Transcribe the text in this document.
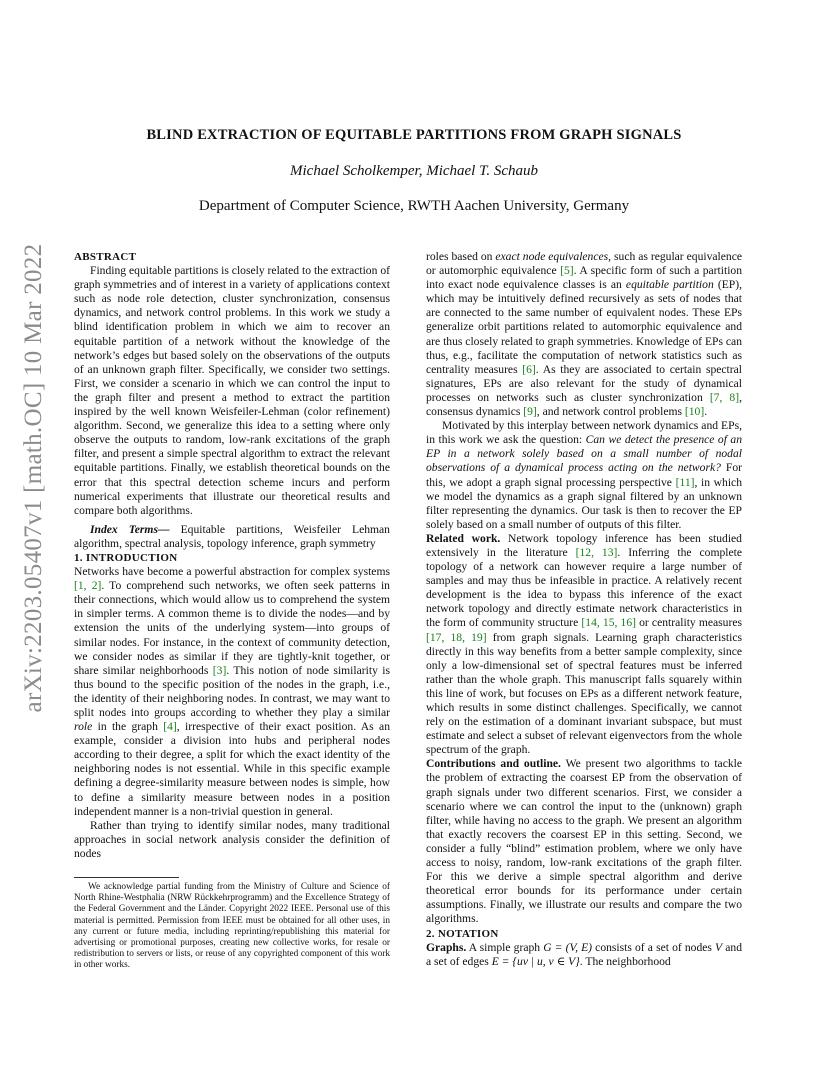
arXiv:2203.05407v1 [math.OC] 10 Mar 2022
BLIND EXTRACTION OF EQUITABLE PARTITIONS FROM GRAPH SIGNALS
Michael Scholkemper, Michael T. Schaub
Department of Computer Science, RWTH Aachen University, Germany

ABSTRACT

Finding equitable partitions is closely related to the extraction of graph symmetries and of interest in a variety of applications context such as node role detection, cluster synchronization, consensus dynamics, and network control problems. In this work we study a blind identification problem in which we aim to recover an equitable partition of a network without the knowledge of the network’s edges but based solely on the observations of the outputs of an unknown graph filter. Specifically, we consider two settings. First, we consider a scenario in which we can control the input to the graph filter and present a method to extract the partition inspired by the well known Weisfeiler-Lehman (color refinement) algorithm. Second, we generalize this idea to a setting where only observe the outputs to random, low-rank excitations of the graph filter, and present a simple spectral algorithm to extract the relevant equitable partitions. Finally, we establish theoretical bounds on the error that this spectral detection scheme incurs and perform numerical experiments that illustrate our theoretical results and compare both algorithms.

Index Terms— Equitable partitions, Weisfeiler Lehman algorithm, spectral analysis, topology inference, graph symmetry

1. INTRODUCTION

Networks have become a powerful abstraction for complex systems [1, 2]. To comprehend such networks, we often seek patterns in their connections, which would allow us to comprehend the system in simpler terms. A common theme is to divide the nodes—and by extension the units of the underlying system—into groups of similar nodes. For instance, in the context of community detection, we consider nodes as similar if they are tightly-knit together, or share similar neighborhoods [3]. This notion of node similarity is thus bound to the specific position of the nodes in the graph, i.e., the identity of their neighboring nodes. In contrast, we may want to split nodes into groups according to whether they play a similar role in the graph [4], irrespective of their exact position. As an example, consider a division into hubs and peripheral nodes according to their degree, a split for which the exact identity of the neighboring nodes is not essential. While in this specific example defining a degree-similarity measure between nodes is simple, how to define a similarity measure between nodes in a position independent manner is a non-trivial question in general.

Rather than trying to identify similar nodes, many traditional approaches in social network analysis consider the definition of nodes

We acknowledge partial funding from the Ministry of Culture and Science of North Rhine-Westphalia (NRW Rückkehrprogramm) and the Excellence Strategy of the Federal Government and the Länder. Copyright 2022 IEEE. Personal use of this material is permitted. Permission from IEEE must be obtained for all other uses, in any current or future media, including reprinting/republishing this material for advertising or promotional purposes, creating new collective works, for resale or redistribution to servers or lists, or reuse of any copyrighted component of this work in other works.

roles based on exact node equivalences, such as regular equivalence or automorphic equivalence [5]. A specific form of such a partition into exact node equivalence classes is an equitable partition (EP), which may be intuitively defined recursively as sets of nodes that are connected to the same number of equivalent nodes. These EPs generalize orbit partitions related to automorphic equivalence and are thus closely related to graph symmetries. Knowledge of EPs can thus, e.g., facilitate the computation of network statistics such as centrality measures [6]. As they are associated to certain spectral signatures, EPs are also relevant for the study of dynamical processes on networks such as cluster synchronization [7, 8], consensus dynamics [9], and network control problems [10].

Motivated by this interplay between network dynamics and EPs, in this work we ask the question: Can we detect the presence of an EP in a network solely based on a small number of nodal observations of a dynamical process acting on the network? For this, we adopt a graph signal processing perspective [11], in which we model the dynamics as a graph signal filtered by an unknown filter representing the dynamics. Our task is then to recover the EP solely based on a small number of outputs of this filter.

Related work. Network topology inference has been studied extensively in the literature [12, 13]. Inferring the complete topology of a network can however require a large number of samples and may thus be infeasible in practice. A relatively recent development is the idea to bypass this inference of the exact network topology and directly estimate network characteristics in the form of community structure [14, 15, 16] or centrality measures [17, 18, 19] from graph signals. Learning graph characteristics directly in this way benefits from a better sample complexity, since only a low-dimensional set of spectral features must be inferred rather than the whole graph. This manuscript falls squarely within this line of work, but focuses on EPs as a different network feature, which results in some distinct challenges. Specifically, we cannot rely on the estimation of a dominant invariant subspace, but must estimate and select a subset of relevant eigenvectors from the whole spectrum of the graph.

Contributions and outline. We present two algorithms to tackle the problem of extracting the coarsest EP from the observation of graph signals under two different scenarios. First, we consider a scenario where we can control the input to the (unknown) graph filter, while having no access to the graph. We present an algorithm that exactly recovers the coarsest EP in this setting. Second, we consider a fully “blind” estimation problem, where we only have access to noisy, random, low-rank excitations of the graph filter. For this we derive a simple spectral algorithm and derive theoretical error bounds for its performance under certain assumptions. Finally, we illustrate our results and compare the two algorithms.

2. NOTATION

Graphs. A simple graph G = (V, E) consists of a set of nodes V and a set of edges E = {uv | u, v ∈ V}. The neighborhood
